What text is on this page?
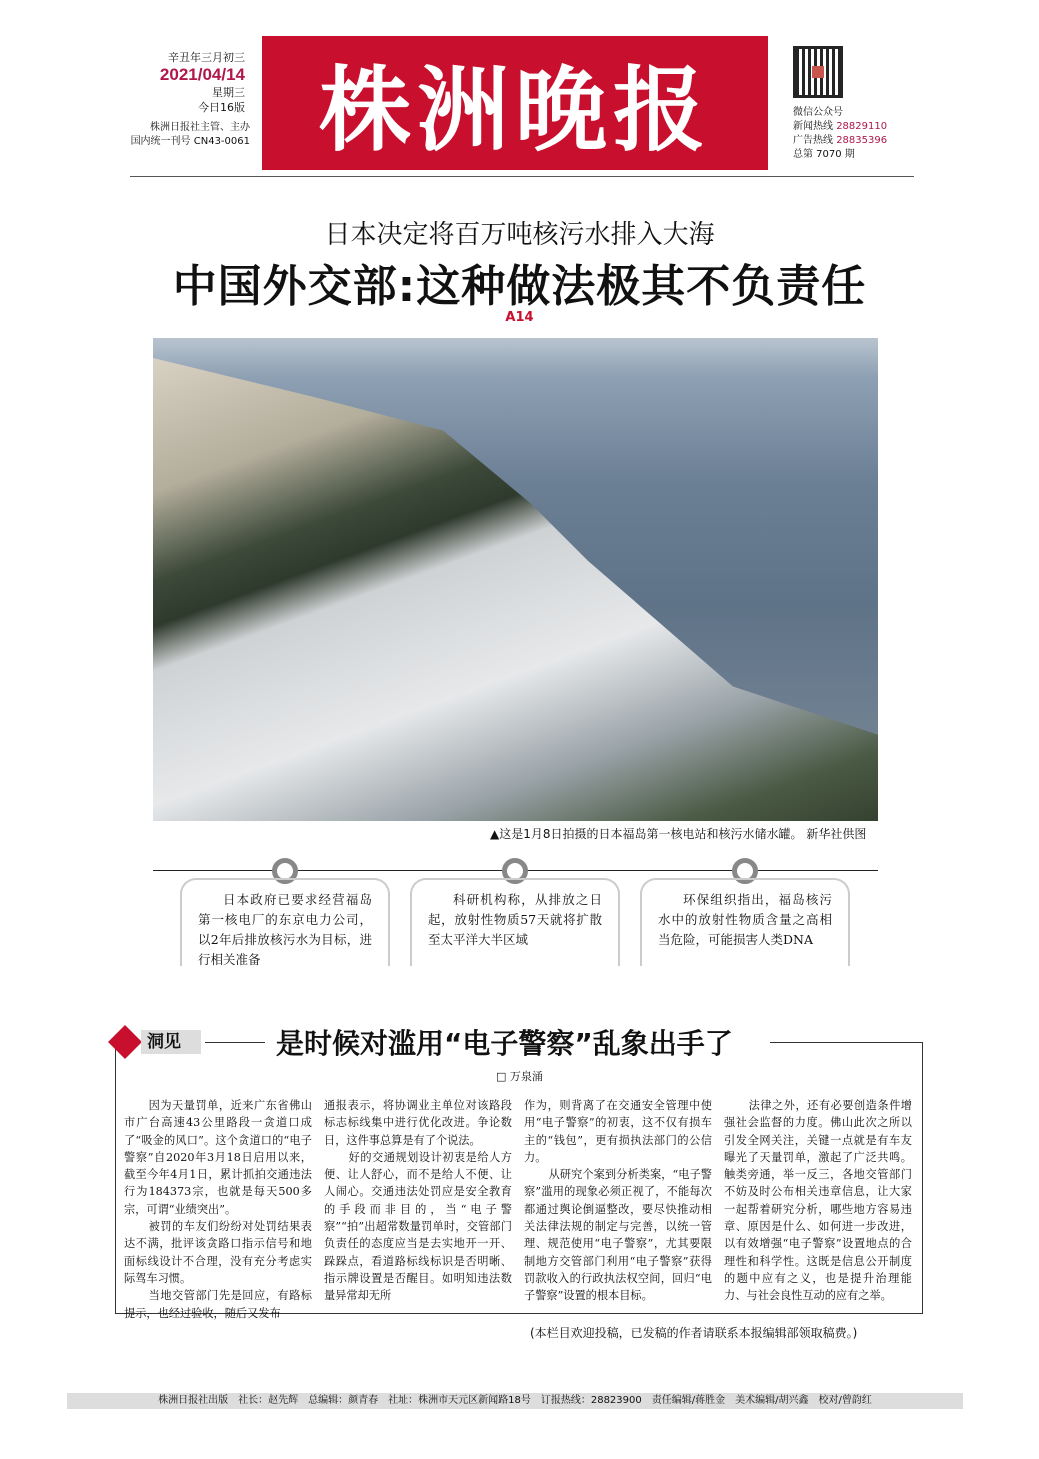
辛丑年三月初三
2021/04/14
星期三
今日16版
株洲日报社主管、主办
国内统一刊号 CN43-0061 株洲晚报	微信公众号
新闻热线 28829110
广告热线 28835396
总第 7070 期
日本决定将百万吨核污水排入大海
中国外交部:这种做法极其不负责任
A14
▲这是1月8日拍摄的日本福岛第一核电站和核污水储水罐。 新华社供图
日本政府已要求经营福岛第一核电厂的东京电力公司，以2年后排放核污水为目标，进行相关准备
科研机构称，从排放之日起，放射性物质57天就将扩散至太平洋大半区域
环保组织指出，福岛核污水中的放射性物质含量之高相当危险，可能损害人类DNA
洞见	是时候对滥用“电子警察”乱象出手了
□ 万泉涌

因为天量罚单，近来广东省佛山市广台高速43公里路段一贪道口成了“吸金的风口”。这个贪道口的“电子警察”自2020年3月18日启用以来，截至今年4月1日，累计抓拍交通违法行为184373宗，也就是每天500多宗，可谓“业绩突出”。

被罚的车友们纷纷对处罚结果表达不满，批评该贪路口指示信号和地面标线设计不合理，没有充分考虑实际驾车习惯。

当地交管部门先是回应，有路标提示，也经过验收，随后又发布

通报表示，将协调业主单位对该路段标志标线集中进行优化改进。争论数日，这件事总算是有了个说法。

好的交通规划设计初衷是给人方便、让人舒心，而不是给人不便、让人闹心。交通违法处罚应是安全教育的手段而非目的，当“电子警察”“拍”出超常数量罚单时，交管部门负责任的态度应当是去实地开一开、跺跺点，看道路标线标识是否明晰、指示牌设置是否醒目。如明知违法数量异常却无所

作为，则背离了在交通安全管理中使用“电子警察”的初衷，这不仅有损车主的“钱包”，更有损执法部门的公信力。

从研究个案到分析类案，“电子警察”滥用的现象必须正视了，不能每次都通过舆论倒逼整改，要尽快推动相关法律法规的制定与完善，以统一管理、规范使用“电子警察”，尤其要限制地方交管部门利用“电子警察”获得罚款收入的行政执法权空间，回归“电子警察”设置的根本目标。

法律之外，还有必要创造条件增强社会监督的力度。佛山此次之所以引发全网关注，关键一点就是有车友曝光了天量罚单，激起了广泛共鸣。触类旁通，举一反三，各地交管部门不妨及时公布相关违章信息，让大家一起帮着研究分析，哪些地方容易违章、原因是什么、如何进一步改进，以有效增强“电子警察”设置地点的合理性和科学性。这既是信息公开制度的题中应有之义，也是提升治理能力、与社会良性互动的应有之举。

(本栏目欢迎投稿，已发稿的作者请联系本报编辑部领取稿费。)
株洲日报社出版　社长：赵先辉　总编辑：颜青春　社址：株洲市天元区新闻路18号　订报热线：28823900　责任编辑/蒋胜金　美术编辑/胡兴鑫　校对/曾韵红
